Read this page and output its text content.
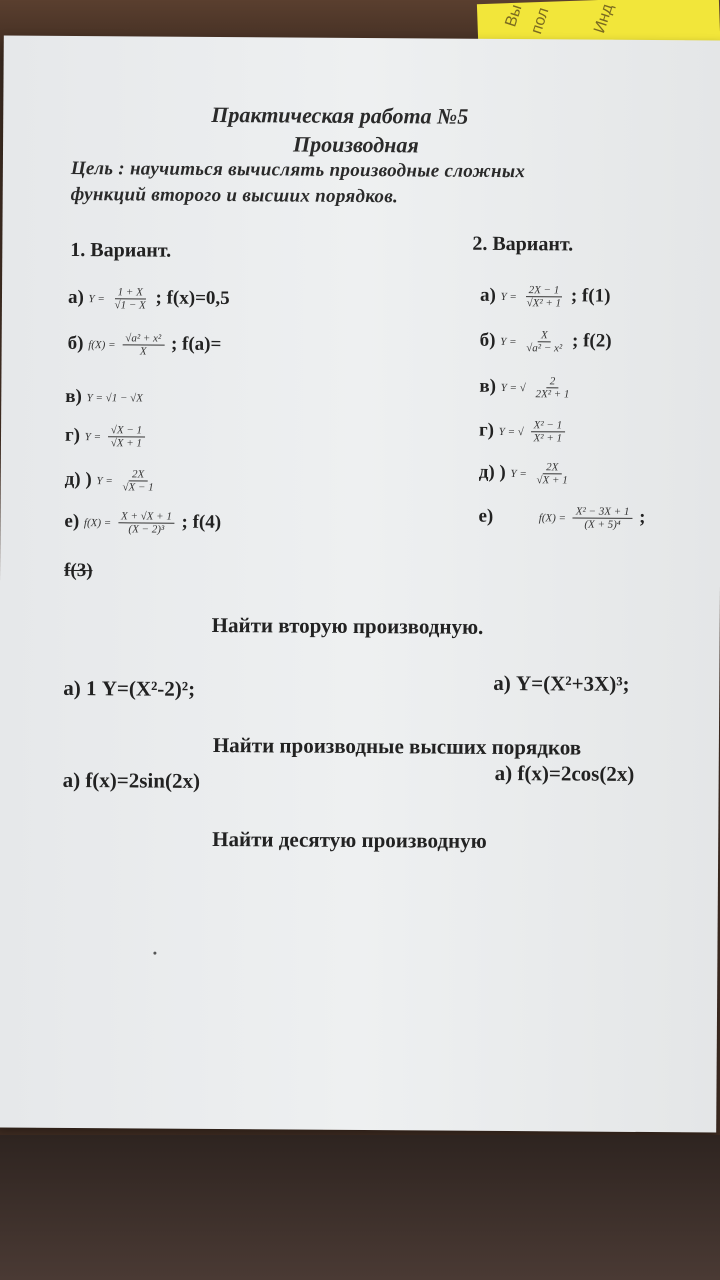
Вы пол Инд
Практическая работа №5
Производная
Цель : научиться вычислять производные сложных
функций второго и высших порядков.
1. Вариант.
а) $Y = \frac{1 + X}{√1 - X}$ ; f(x)=0,5
б) $f(X) = \frac{\text{√a² + x²}}{X}$ ; f(a)=
в) Y = √1 − √X
г) $Y = \frac{√X - 1}{√X + 1}$
д) ) $Y = \frac{2X}{√X - 1}$
е) $f(X) = \frac{X + √X + 1}{\text{(X − 2)³}}$ ; f(4)
f(3)
2. Вариант.
а) $Y = \frac{2X - 1}{\text{√X² + 1}}$ ; f(1)
б) $Y = \frac{X}{\text{√a² − x²}}$ ; f(2)
в) Y = √ $\frac{2}{\text{2X² + 1}}$
г) Y = √ $\frac{\text{X² − 1}}{\text{X² + 1}}$
д) ) $Y = \frac{2X}{√X + 1}$
е)	$f(X) = \frac{\text{X² − 3X + 1}}{\text{(X + 5)⁴}}$ ;
Найти вторую производную.
а) 1 Y=(X²-2)²;	а) Y=(X²+3X)³;
Найти производные высших порядков
а) f(x)=2sin(2x)	а) f(x)=2cos(2x)
Найти десятую производную
